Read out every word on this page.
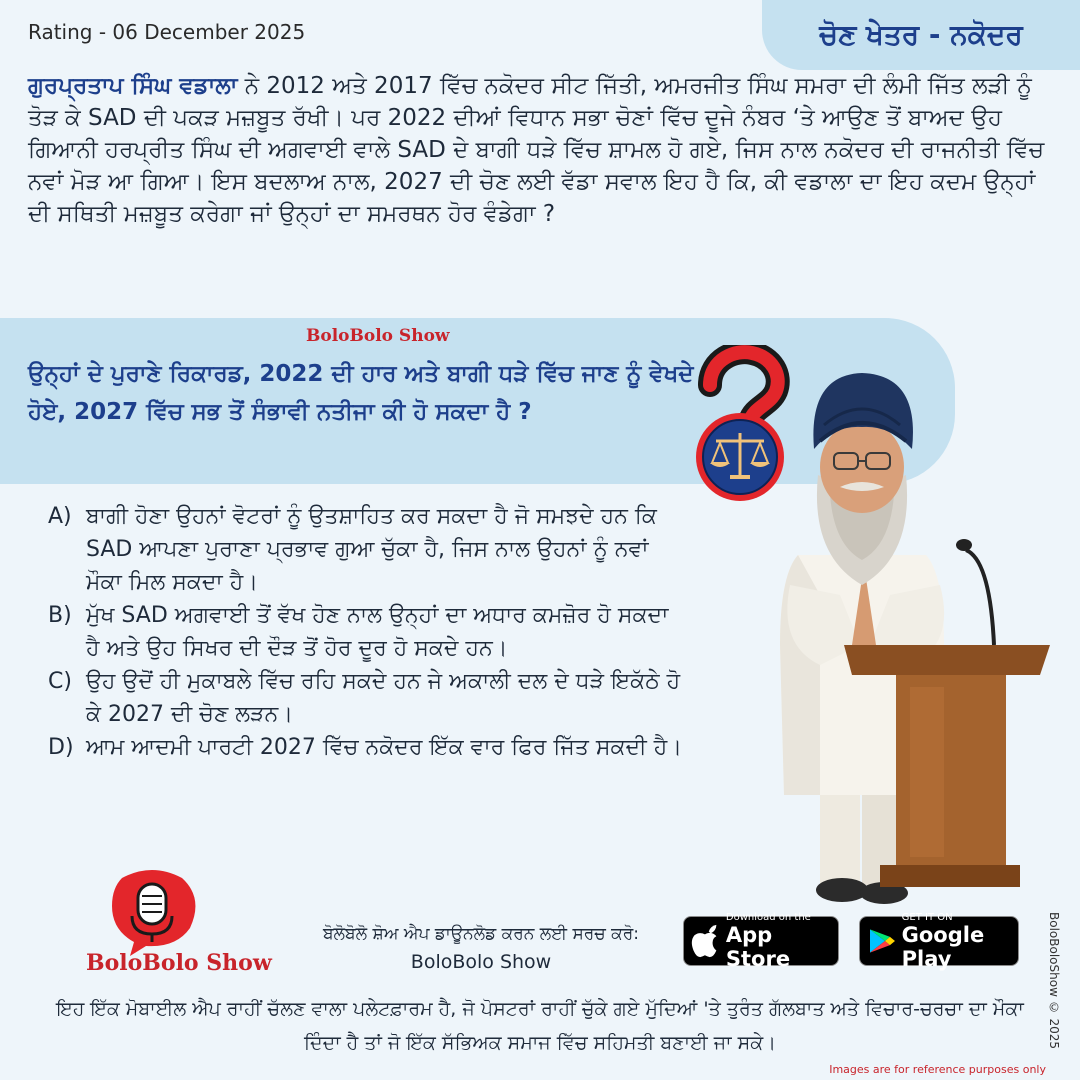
Rating - 06 December 2025	ਚੋਣ ਖੇਤਰ - ਨਕੋਦਰ

ਗੁਰਪ੍ਰਤਾਪ ਸਿੰਘ ਵਡਾਲਾ ਨੇ 2012 ਅਤੇ 2017 ਵਿੱਚ ਨਕੋਦਰ ਸੀਟ ਜਿੱਤੀ, ਅਮਰਜੀਤ ਸਿੰਘ ਸਮਰਾ ਦੀ ਲੰਮੀ ਜਿੱਤ ਲੜੀ ਨੂੰ ਤੋੜ ਕੇ SAD ਦੀ ਪਕੜ ਮਜ਼ਬੂਤ ਰੱਖੀ। ਪਰ 2022 ਦੀਆਂ ਵਿਧਾਨ ਸਭਾ ਚੋਣਾਂ ਵਿੱਚ ਦੂਜੇ ਨੰਬਰ ‘ਤੇ ਆਉਣ ਤੋਂ ਬਾਅਦ ਉਹ ਗਿਆਨੀ ਹਰਪ੍ਰੀਤ ਸਿੰਘ ਦੀ ਅਗਵਾਈ ਵਾਲੇ SAD ਦੇ ਬਾਗੀ ਧੜੇ ਵਿੱਚ ਸ਼ਾਮਲ ਹੋ ਗਏ, ਜਿਸ ਨਾਲ ਨਕੋਦਰ ਦੀ ਰਾਜਨੀਤੀ ਵਿੱਚ ਨਵਾਂ ਮੋੜ ਆ ਗਿਆ। ਇਸ ਬਦਲਾਅ ਨਾਲ, 2027 ਦੀ ਚੋਣ ਲਈ ਵੱਡਾ ਸਵਾਲ ਇਹ ਹੈ ਕਿ, ਕੀ ਵਡਾਲਾ ਦਾ ਇਹ ਕਦਮ ਉਨ੍ਹਾਂ ਦੀ ਸਥਿਤੀ ਮਜ਼ਬੂਤ ਕਰੇਗਾ ਜਾਂ ਉਨ੍ਹਾਂ ਦਾ ਸਮਰਥਨ ਹੋਰ ਵੰਡੇਗਾ ?

BoloBolo Show
ਉਨ੍ਹਾਂ ਦੇ ਪੁਰਾਣੇ ਰਿਕਾਰਡ, 2022 ਦੀ ਹਾਰ ਅਤੇ ਬਾਗੀ ਧੜੇ ਵਿੱਚ ਜਾਣ ਨੂੰ ਵੇਖਦੇ ਹੋਏ, 2027 ਵਿੱਚ ਸਭ ਤੋਂ ਸੰਭਾਵੀ ਨਤੀਜਾ ਕੀ ਹੋ ਸਕਦਾ ਹੈ ?
A) ਬਾਗੀ ਹੋਣਾ ਉਹਨਾਂ ਵੋਟਰਾਂ ਨੂੰ ਉਤਸ਼ਾਹਿਤ ਕਰ ਸਕਦਾ ਹੈ ਜੋ ਸਮਝਦੇ ਹਨ ਕਿ SAD ਆਪਣਾ ਪੁਰਾਣਾ ਪ੍ਰਭਾਵ ਗੁਆ ਚੁੱਕਾ ਹੈ, ਜਿਸ ਨਾਲ ਉਹਨਾਂ ਨੂੰ ਨਵਾਂ ਮੌਕਾ ਮਿਲ ਸਕਦਾ ਹੈ।
B) ਮੁੱਖ SAD ਅਗਵਾਈ ਤੋਂ ਵੱਖ ਹੋਣ ਨਾਲ ਉਨ੍ਹਾਂ ਦਾ ਅਧਾਰ ਕਮਜ਼ੋਰ ਹੋ ਸਕਦਾ ਹੈ ਅਤੇ ਉਹ ਸਿਖਰ ਦੀ ਦੌੜ ਤੋਂ ਹੋਰ ਦੂਰ ਹੋ ਸਕਦੇ ਹਨ।
C) ਉਹ ਉਦੋਂ ਹੀ ਮੁਕਾਬਲੇ ਵਿੱਚ ਰਹਿ ਸਕਦੇ ਹਨ ਜੇ ਅਕਾਲੀ ਦਲ ਦੇ ਧੜੇ ਇਕੱਠੇ ਹੋ ਕੇ 2027 ਦੀ ਚੋਣ ਲੜਨ।
D) ਆਮ ਆਦਮੀ ਪਾਰਟੀ 2027 ਵਿੱਚ ਨਕੋਦਰ ਇੱਕ ਵਾਰ ਫਿਰ ਜਿੱਤ ਸਕਦੀ ਹੈ।
BoloBolo Show
ਬੋਲੋਬੋਲੋ ਸ਼ੋਅ ਐਪ ਡਾਊਨਲੋਡ ਕਰਨ ਲਈ ਸਰਚ ਕਰੋ:
BoloBolo Show
Download on the
App Store
GET IT ON
Google Play	BoloBoloShow © 2025

ਇਹ ਇੱਕ ਮੋਬਾਈਲ ਐਪ ਰਾਹੀਂ ਚੱਲਣ ਵਾਲਾ ਪਲੇਟਫ਼ਾਰਮ ਹੈ, ਜੋ ਪੋਸਟਰਾਂ ਰਾਹੀਂ ਚੁੱਕੇ ਗਏ ਮੁੱਦਿਆਂ 'ਤੇ ਤੁਰੰਤ ਗੱਲਬਾਤ ਅਤੇ ਵਿਚਾਰ-ਚਰਚਾ ਦਾ ਮੌਕਾ ਦਿੰਦਾ ਹੈ ਤਾਂ ਜੋ ਇੱਕ ਸੱਭਿਅਕ ਸਮਾਜ ਵਿੱਚ ਸਹਿਮਤੀ ਬਣਾਈ ਜਾ ਸਕੇ।

Images are for reference purposes only
